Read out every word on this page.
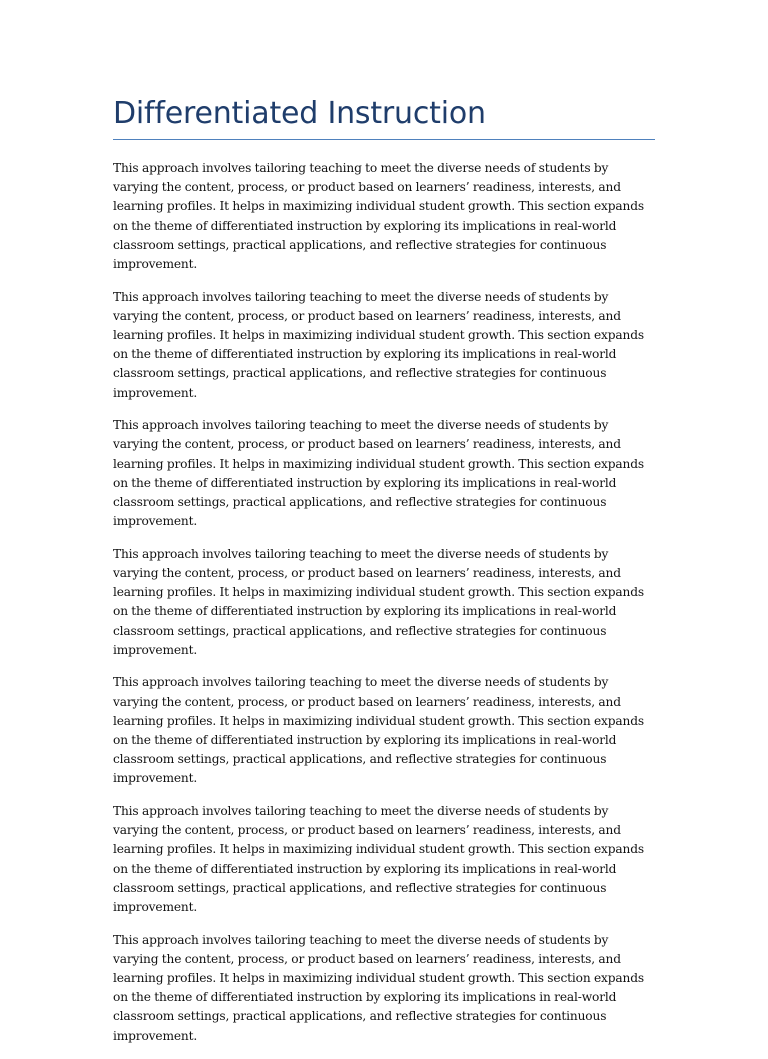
Differentiated Instruction

This approach involves tailoring teaching to meet the diverse needs of students by varying the content, process, or product based on learners’ readiness, interests, and learning profiles. It helps in maximizing individual student growth. This section expands on the theme of differentiated instruction by exploring its implications in real-world classroom settings, practical applications, and reflective strategies for continuous improvement.

This approach involves tailoring teaching to meet the diverse needs of students by varying the content, process, or product based on learners’ readiness, interests, and learning profiles. It helps in maximizing individual student growth. This section expands on the theme of differentiated instruction by exploring its implications in real-world classroom settings, practical applications, and reflective strategies for continuous improvement.

This approach involves tailoring teaching to meet the diverse needs of students by varying the content, process, or product based on learners’ readiness, interests, and learning profiles. It helps in maximizing individual student growth. This section expands on the theme of differentiated instruction by exploring its implications in real-world classroom settings, practical applications, and reflective strategies for continuous improvement.

This approach involves tailoring teaching to meet the diverse needs of students by varying the content, process, or product based on learners’ readiness, interests, and learning profiles. It helps in maximizing individual student growth. This section expands on the theme of differentiated instruction by exploring its implications in real-world classroom settings, practical applications, and reflective strategies for continuous improvement.

This approach involves tailoring teaching to meet the diverse needs of students by varying the content, process, or product based on learners’ readiness, interests, and learning profiles. It helps in maximizing individual student growth. This section expands on the theme of differentiated instruction by exploring its implications in real-world classroom settings, practical applications, and reflective strategies for continuous improvement.

This approach involves tailoring teaching to meet the diverse needs of students by varying the content, process, or product based on learners’ readiness, interests, and learning profiles. It helps in maximizing individual student growth. This section expands on the theme of differentiated instruction by exploring its implications in real-world classroom settings, practical applications, and reflective strategies for continuous improvement.

This approach involves tailoring teaching to meet the diverse needs of students by varying the content, process, or product based on learners’ readiness, interests, and learning profiles. It helps in maximizing individual student growth. This section expands on the theme of differentiated instruction by exploring its implications in real-world classroom settings, practical applications, and reflective strategies for continuous improvement.
